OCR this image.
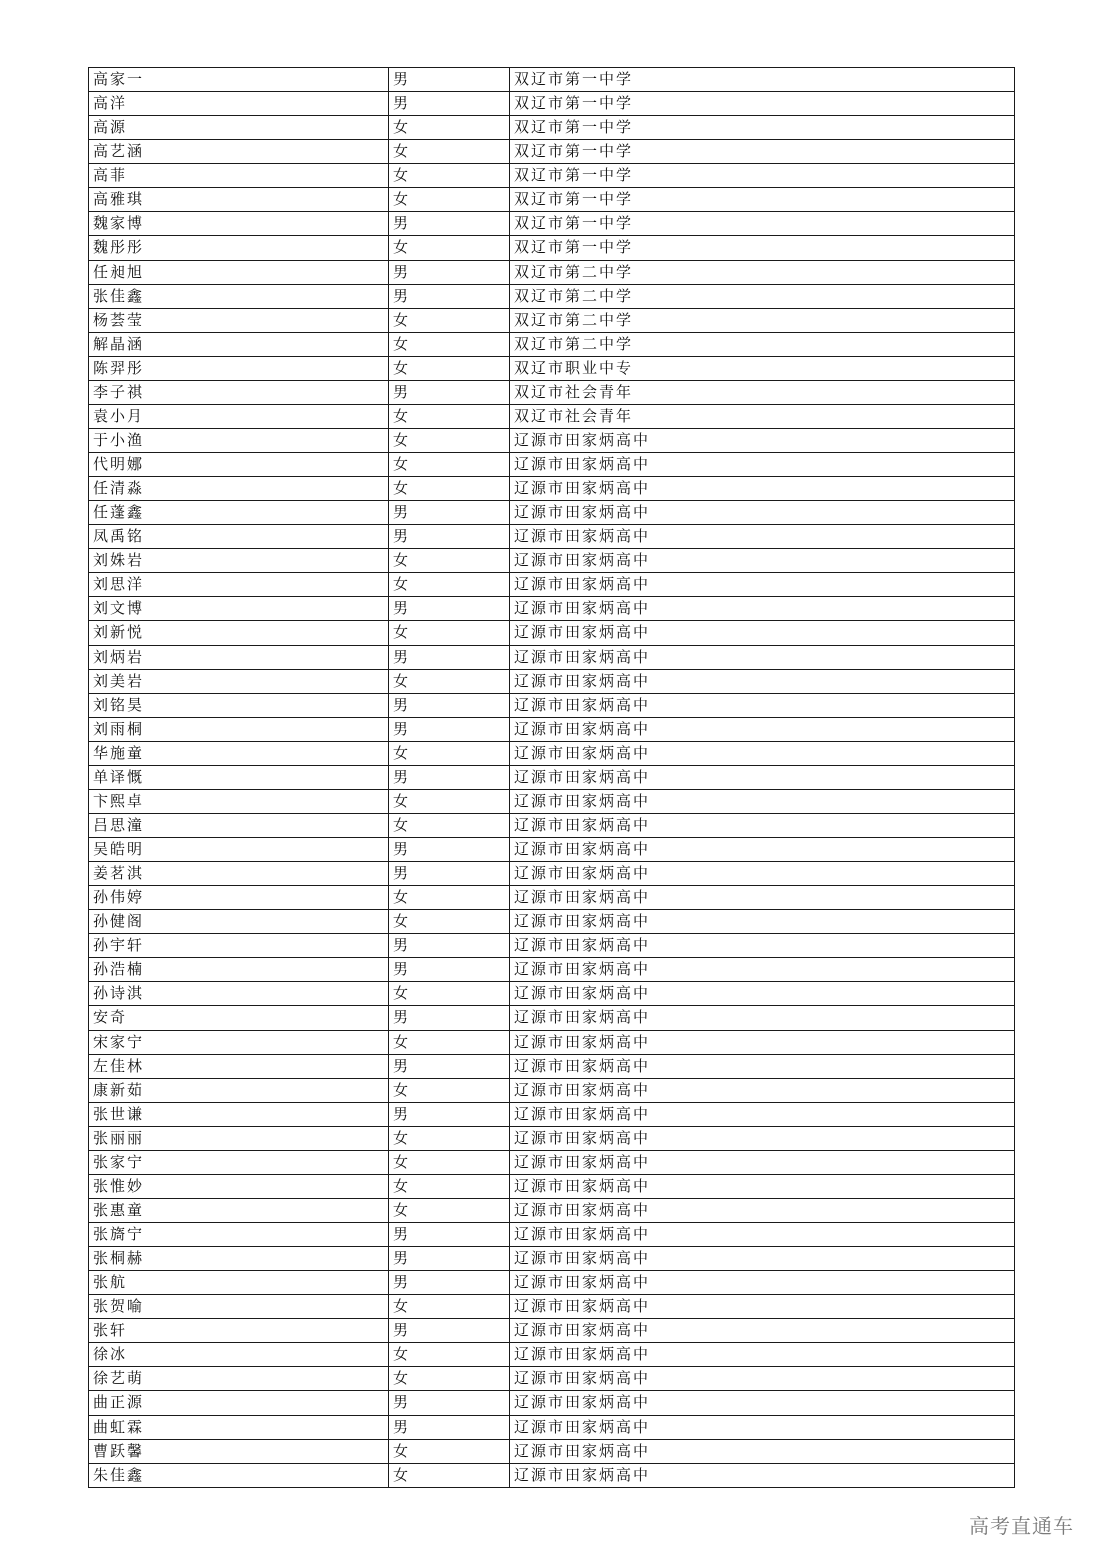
高家一	男	双辽市第一中学
高洋	男	双辽市第一中学
高源	女	双辽市第一中学
高艺涵	女	双辽市第一中学
高菲	女	双辽市第一中学
高雅琪	女	双辽市第一中学
魏家博	男	双辽市第一中学
魏彤彤	女	双辽市第一中学
任昶旭	男	双辽市第二中学
张佳鑫	男	双辽市第二中学
杨荟莹	女	双辽市第二中学
解晶涵	女	双辽市第二中学
陈羿彤	女	双辽市职业中专
李子祺	男	双辽市社会青年
袁小月	女	双辽市社会青年
于小渔	女	辽源市田家炳高中
代明娜	女	辽源市田家炳高中
任清淼	女	辽源市田家炳高中
任蓬鑫	男	辽源市田家炳高中
凤禹铭	男	辽源市田家炳高中
刘姝岩	女	辽源市田家炳高中
刘思洋	女	辽源市田家炳高中
刘文博	男	辽源市田家炳高中
刘新悦	女	辽源市田家炳高中
刘炳岩	男	辽源市田家炳高中
刘美岩	女	辽源市田家炳高中
刘铭昊	男	辽源市田家炳高中
刘雨桐	男	辽源市田家炳高中
华施童	女	辽源市田家炳高中
单译慨	男	辽源市田家炳高中
卞熙卓	女	辽源市田家炳高中
吕思潼	女	辽源市田家炳高中
吴皓明	男	辽源市田家炳高中
姜茗淇	男	辽源市田家炳高中
孙伟婷	女	辽源市田家炳高中
孙健阁	女	辽源市田家炳高中
孙宇轩	男	辽源市田家炳高中
孙浩楠	男	辽源市田家炳高中
孙诗淇	女	辽源市田家炳高中
安奇	男	辽源市田家炳高中
宋家宁	女	辽源市田家炳高中
左佳林	男	辽源市田家炳高中
康新茹	女	辽源市田家炳高中
张世谦	男	辽源市田家炳高中
张丽丽	女	辽源市田家炳高中
张家宁	女	辽源市田家炳高中
张惟妙	女	辽源市田家炳高中
张惠童	女	辽源市田家炳高中
张旖宁	男	辽源市田家炳高中
张桐赫	男	辽源市田家炳高中
张航	男	辽源市田家炳高中
张贺喻	女	辽源市田家炳高中
张轩	男	辽源市田家炳高中
徐冰	女	辽源市田家炳高中
徐艺萌	女	辽源市田家炳高中
曲正源	男	辽源市田家炳高中
曲虹霖	男	辽源市田家炳高中
曹跃馨	女	辽源市田家炳高中
朱佳鑫	女	辽源市田家炳高中
高考直通车
